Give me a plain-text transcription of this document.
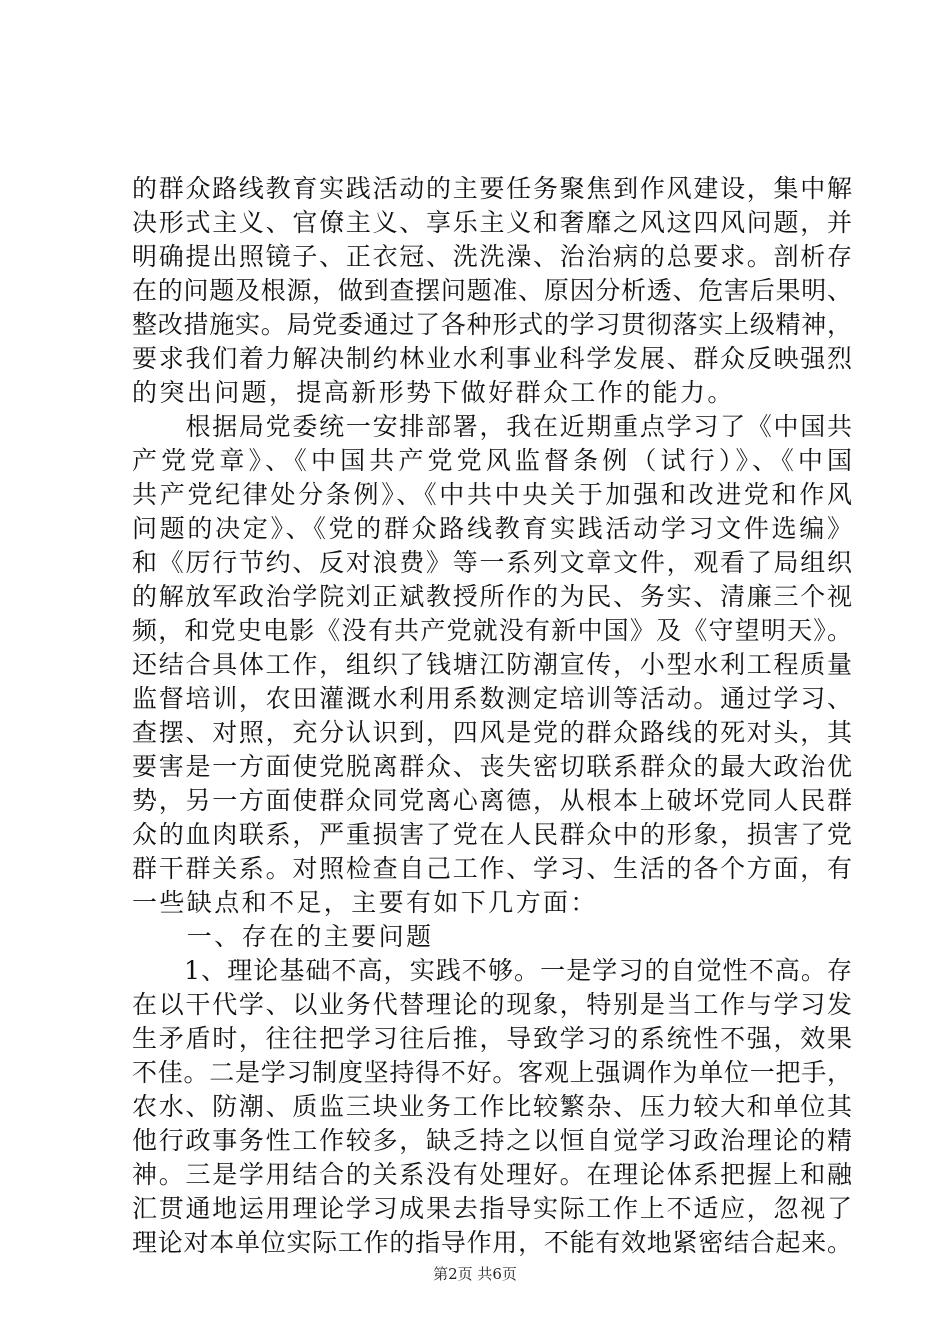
的群众路线教育实践活动的主要任务聚焦到作风建设，集中解
决形式主义、官僚主义、享乐主义和奢靡之风这四风问题，并
明确提出照镜子、正衣冠、洗洗澡、治治病的总要求。剖析存
在的问题及根源，做到查摆问题准、原因分析透、危害后果明、
整改措施实。局党委通过了各种形式的学习贯彻落实上级精神，
要求我们着力解决制约林业水利事业科学发展、群众反映强烈
的突出问题，提高新形势下做好群众工作的能力。
　　根据局党委统一安排部署，我在近期重点学习了《中国共
产党党章》、《中国共产党党风监督条例（试行）》、《中国
共产党纪律处分条例》、《中共中央关于加强和改进党和作风
问题的决定》、《党的群众路线教育实践活动学习文件选编》
和《厉行节约、反对浪费》等一系列文章文件，观看了局组织
的解放军政治学院刘正斌教授所作的为民、务实、清廉三个视
频，和党史电影《没有共产党就没有新中国》及《守望明天》。
还结合具体工作，组织了钱塘江防潮宣传，小型水利工程质量
监督培训，农田灌溉水利用系数测定培训等活动。通过学习、
查摆、对照，充分认识到，四风是党的群众路线的死对头，其
要害是一方面使党脱离群众、丧失密切联系群众的最大政治优
势，另一方面使群众同党离心离德，从根本上破坏党同人民群
众的血肉联系，严重损害了党在人民群众中的形象，损害了党
群干群关系。对照检查自己工作、学习、生活的各个方面，有
一些缺点和不足，主要有如下几方面：
　　一、存在的主要问题
　　1、理论基础不高，实践不够。一是学习的自觉性不高。存
在以干代学、以业务代替理论的现象，特别是当工作与学习发
生矛盾时，往往把学习往后推，导致学习的系统性不强，效果
不佳。二是学习制度坚持得不好。客观上强调作为单位一把手，
农水、防潮、质监三块业务工作比较繁杂、压力较大和单位其
他行政事务性工作较多，缺乏持之以恒自觉学习政治理论的精
神。三是学用结合的关系没有处理好。在理论体系把握上和融
汇贯通地运用理论学习成果去指导实际工作上不适应，忽视了
理论对本单位实际工作的指导作用，不能有效地紧密结合起来。
第2页 共6页
